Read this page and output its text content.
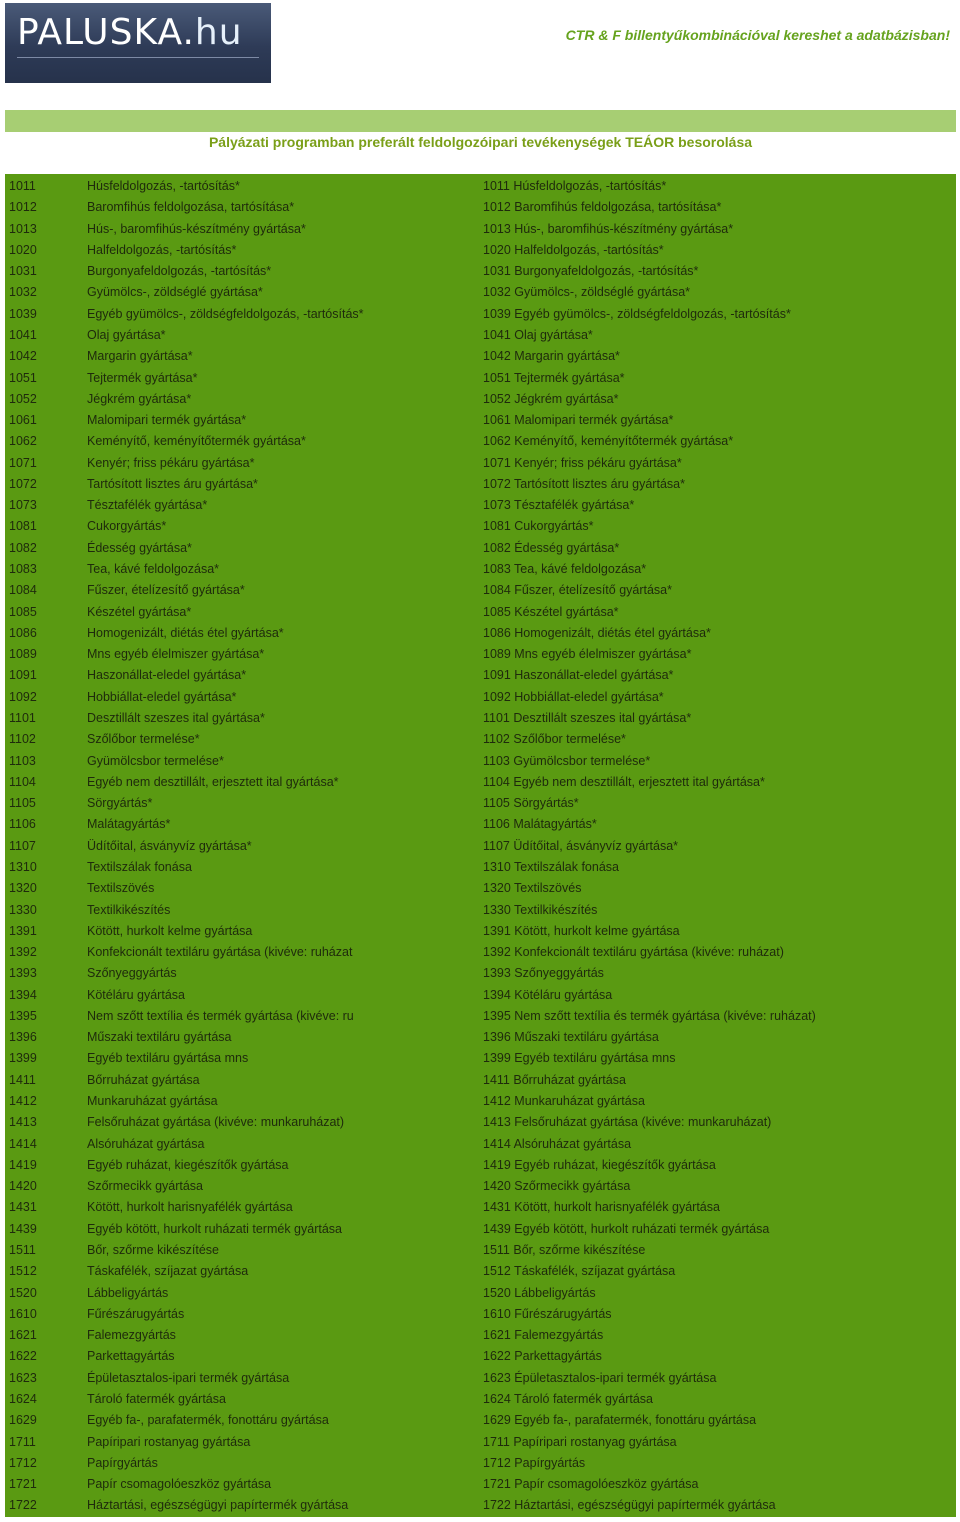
PALUSKA.hu	CTR & F billentyűkombinációval kereshet a adatbázisban!
Pályázati programban preferált feldolgozóipari tevékenységek TEÁOR besorolása
1011	Húsfeldolgozás, -tartósítás*	1011 Húsfeldolgozás, -tartósítás*
1012	Baromfihús feldolgozása, tartósítása*	1012 Baromfihús feldolgozása, tartósítása*
1013	Hús-, baromfihús-készítmény gyártása*	1013 Hús-, baromfihús-készítmény gyártása*
1020	Halfeldolgozás, -tartósítás*	1020 Halfeldolgozás, -tartósítás*
1031	Burgonyafeldolgozás, -tartósítás*	1031 Burgonyafeldolgozás, -tartósítás*
1032	Gyümölcs-, zöldséglé gyártása*	1032 Gyümölcs-, zöldséglé gyártása*
1039	Egyéb gyümölcs-, zöldségfeldolgozás, -tartósítás*	1039 Egyéb gyümölcs-, zöldségfeldolgozás, -tartósítás*
1041	Olaj gyártása*	1041 Olaj gyártása*
1042	Margarin gyártása*	1042 Margarin gyártása*
1051	Tejtermék gyártása*	1051 Tejtermék gyártása*
1052	Jégkrém gyártása*	1052 Jégkrém gyártása*
1061	Malomipari termék gyártása*	1061 Malomipari termék gyártása*
1062	Keményítő, keményítőtermék gyártása*	1062 Keményítő, keményítőtermék gyártása*
1071	Kenyér; friss pékáru gyártása*	1071 Kenyér; friss pékáru gyártása*
1072	Tartósított lisztes áru gyártása*	1072 Tartósított lisztes áru gyártása*
1073	Tésztafélék gyártása*	1073 Tésztafélék gyártása*
1081	Cukorgyártás*	1081 Cukorgyártás*
1082	Édesség gyártása*	1082 Édesség gyártása*
1083	Tea, kávé feldolgozása*	1083 Tea, kávé feldolgozása*
1084	Fűszer, ételízesítő gyártása*	1084 Fűszer, ételízesítő gyártása*
1085	Készétel gyártása*	1085 Készétel gyártása*
1086	Homogenizált, diétás étel gyártása*	1086 Homogenizált, diétás étel gyártása*
1089	Mns egyéb élelmiszer gyártása*	1089 Mns egyéb élelmiszer gyártása*
1091	Haszonállat-eledel gyártása*	1091 Haszonállat-eledel gyártása*
1092	Hobbiállat-eledel gyártása*	1092 Hobbiállat-eledel gyártása*
1101	Desztillált szeszes ital gyártása*	1101 Desztillált szeszes ital gyártása*
1102	Szőlőbor termelése*	1102 Szőlőbor termelése*
1103	Gyümölcsbor termelése*	1103 Gyümölcsbor termelése*
1104	Egyéb nem desztillált, erjesztett ital gyártása*	1104 Egyéb nem desztillált, erjesztett ital gyártása*
1105	Sörgyártás*	1105 Sörgyártás*
1106	Malátagyártás*	1106 Malátagyártás*
1107	Üdítőital, ásványvíz gyártása*	1107 Üdítőital, ásványvíz gyártása*
1310	Textilszálak fonása	1310 Textilszálak fonása
1320	Textilszövés	1320 Textilszövés
1330	Textilkikészítés	1330 Textilkikészítés
1391	Kötött, hurkolt kelme gyártása	1391 Kötött, hurkolt kelme gyártása
1392	Konfekcionált textiláru gyártása (kivéve: ruházat	1392 Konfekcionált textiláru gyártása (kivéve: ruházat)
1393	Szőnyeggyártás	1393 Szőnyeggyártás
1394	Kötéláru gyártása	1394 Kötéláru gyártása
1395	Nem szőtt textília és termék gyártása (kivéve: ru	1395 Nem szőtt textília és termék gyártása (kivéve: ruházat)
1396	Műszaki textiláru gyártása	1396 Műszaki textiláru gyártása
1399	Egyéb textiláru gyártása mns	1399 Egyéb textiláru gyártása mns
1411	Bőrruházat gyártása	1411 Bőrruházat gyártása
1412	Munkaruházat gyártása	1412 Munkaruházat gyártása
1413	Felsőruházat gyártása (kivéve: munkaruházat)	1413 Felsőruházat gyártása (kivéve: munkaruházat)
1414	Alsóruházat gyártása	1414 Alsóruházat gyártása
1419	Egyéb ruházat, kiegészítők gyártása	1419 Egyéb ruházat, kiegészítők gyártása
1420	Szőrmecikk gyártása	1420 Szőrmecikk gyártása
1431	Kötött, hurkolt harisnyafélék gyártása	1431 Kötött, hurkolt harisnyafélék gyártása
1439	Egyéb kötött, hurkolt ruházati termék gyártása	1439 Egyéb kötött, hurkolt ruházati termék gyártása
1511	Bőr, szőrme kikészítése	1511 Bőr, szőrme kikészítése
1512	Táskafélék, szíjazat gyártása	1512 Táskafélék, szíjazat gyártása
1520	Lábbeligyártás	1520 Lábbeligyártás
1610	Fűrészárugyártás	1610 Fűrészárugyártás
1621	Falemezgyártás	1621 Falemezgyártás
1622	Parkettagyártás	1622 Parkettagyártás
1623	Épületasztalos-ipari termék gyártása	1623 Épületasztalos-ipari termék gyártása
1624	Tároló fatermék gyártása	1624 Tároló fatermék gyártása
1629	Egyéb fa-, parafatermék, fonottáru gyártása	1629 Egyéb fa-, parafatermék, fonottáru gyártása
1711	Papíripari rostanyag gyártása	1711 Papíripari rostanyag gyártása
1712	Papírgyártás	1712 Papírgyártás
1721	Papír csomagolóeszköz gyártása	1721 Papír csomagolóeszköz gyártása
1722	Háztartási, egészségügyi papírtermék gyártása	1722 Háztartási, egészségügyi papírtermék gyártása
